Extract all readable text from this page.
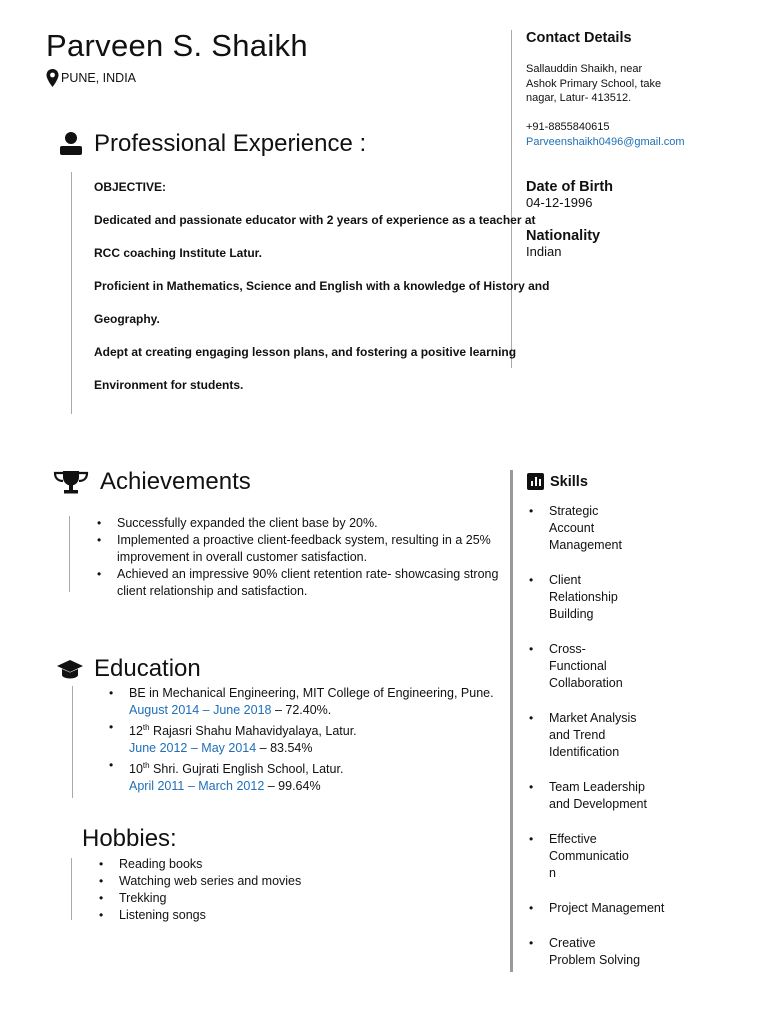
Parveen S. Shaikh
PUNE, INDIA
Contact Details
Sallauddin Shaikh, near
Ashok Primary School, take
nagar, Latur- 413512.
+91-8855840615
Parveenshaikh0496@gmail.com
Date of Birth
04-12-1996
Nationality
Indian
Professional Experience :

OBJECTIVE:

Dedicated and passionate educator with 2 years of experience as a teacher at

RCC coaching Institute Latur.

Proficient in Mathematics, Science and English with a knowledge of History and

Geography.

Adept at creating engaging lesson plans, and fostering a positive learning

Environment for students.

Achievements
• Successfully expanded the client base by 20%.
• Implemented a proactive client-feedback system, resulting in a 25% improvement in overall customer satisfaction.
• Achieved an impressive 90% client retention rate- showcasing strong client relationship and satisfaction.
Education
• BE in Mechanical Engineering, MIT College of Engineering, Pune.
August 2014 – June 2018 – 72.40%.
• 12th Rajasri Shahu Mahavidyalaya, Latur.
June 2012 – May 2014 – 83.54%
• 10th Shri. Gujrati English School, Latur.
April 2011 – March 2012 – 99.64%
Hobbies:
• Reading books
• Watching web series and movies
• Trekking
• Listening songs
Skills
• Strategic
Account
Management
• Client
Relationship
Building
• Cross-
Functional
Collaboration
• Market Analysis
and Trend
Identification
• Team Leadership
and Development
• Effective
Communicatio
n
• Project Management
• Creative
Problem Solving
